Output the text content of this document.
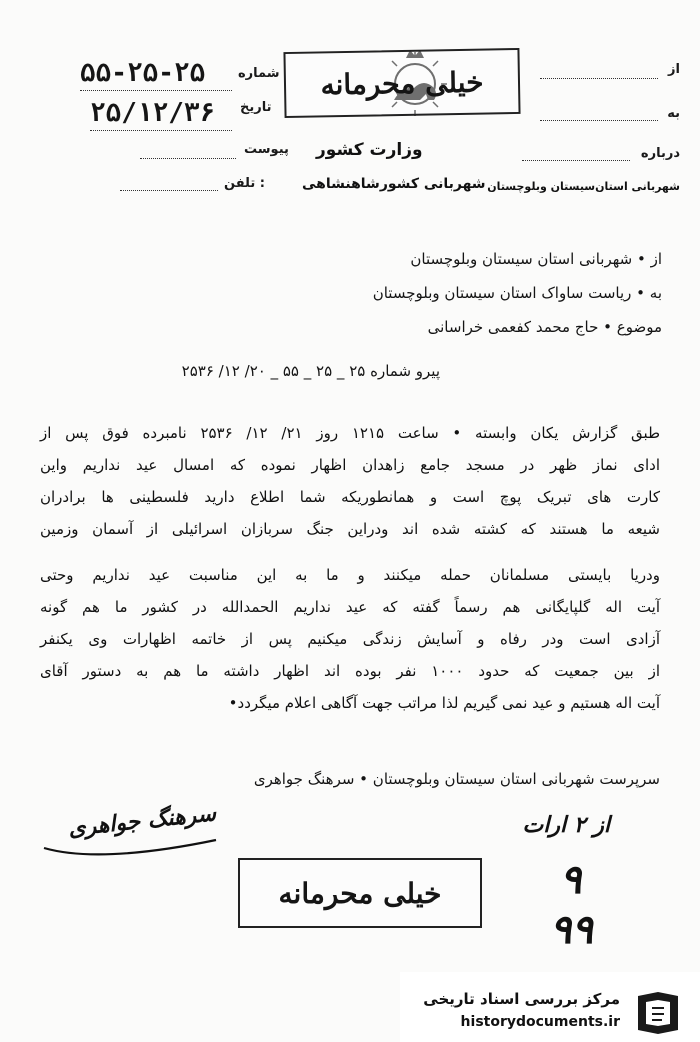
از
به
درباره
شهربانی استان‌سیستان وبلوچستان
شماره
۵۵-۲۵-۲۵
تاریخ
۲۵/۱۲/۳۶
پیوست
تلفن :
خیلی محرمانه
وزارت کشور
شهربانی کشورشاهنشاهی
از • شهربانی استان سیستان وبلوچستان
به • ریاست ساواک استان سیستان وبلوچستان
موضوع • حاج محمد کفعمی خراسانی
پیرو شماره ۲۵ _ ۲۵ _ ۵۵ _ ۲۰/ ۱۲/ ۲۵۳۶
طبق گزارش یکان وابسته • ساعت ۱۲۱۵ روز ۲۱/ ۱۲/ ۲۵۳۶ نامبرده فوق پس از
ادای نماز ظهر در مسجد جامع زاهدان اظهار نموده که امسال عید نداریم واین
کارت های تبریک پوچ است و همانطوریکه شما اطلاع دارید فلسطینی ها برادران
شیعه ما هستند که کشته شده اند ودراین جنگ سربازان اسرائیلی از آسمان وزمین
ودریا بایستی مسلمانان حمله میکنند و ما به این مناسبت عید نداریم وحتی
آیت اله گلپایگانی هم رسماً گفته که عید نداریم الحمدالله در کشور ما هم گونه
آزادی است ودر رفاه و آسایش زندگی میکنیم پس از خاتمه اظهارات وی یکنفر
از بین جمعیت که حدود ۱۰۰۰ نفر بوده اند اظهار داشته ما هم به دستور آقای
آیت اله هستیم و عید نمی گیریم لذا مراتب جهت آگاهی اعلام میگردد•
سرپرست شهربانی استان سیستان وبلوچستان • سرهنگ جواهری
سرهنگ جواهری	از ۲ ارات
۹
۹۹
خیلی محرمانه
مرکز بررسی اسناد تاریخی
historydocuments.ir
